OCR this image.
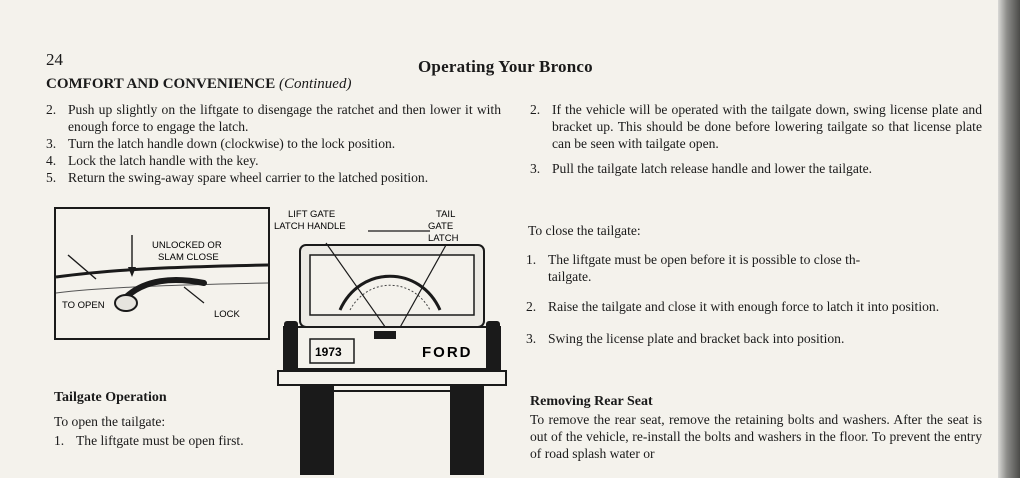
24	Operating Your Bronco
COMFORT AND CONVENIENCE (Continued)
2. Push up slightly on the liftgate to disengage the ratchet and then lower it with enough force to engage the latch.
3. Turn the latch handle down (clockwise) to the lock position.
4. Lock the latch handle with the key.
5. Return the swing-away spare wheel carrier to the latched position.
UNLOCKED OR
SLAM CLOSE
TO OPEN
LOCK
LIFT GATE
LATCH HANDLE
TAIL
GATE
LATCH
1973	FORD
Tailgate Operation
To open the tailgate:
1. The liftgate must be open first.
2. If the vehicle will be operated with the tailgate down, swing license plate and bracket up. This should be done before lowering tailgate so that license plate can be seen with tailgate open.
3. Pull the tailgate latch release handle and lower the tailgate.
To close the tailgate:
1. The liftgate must be open before it is possible to close th-
tailgate.
2. Raise the tailgate and close it with enough force to latch it into position.
3. Swing the license plate and bracket back into position.
Removing Rear Seat
To remove the rear seat, remove the retaining bolts and washers. After the seat is out of the vehicle, re-install the bolts and washers in the floor. To prevent the entry of road splash water or
